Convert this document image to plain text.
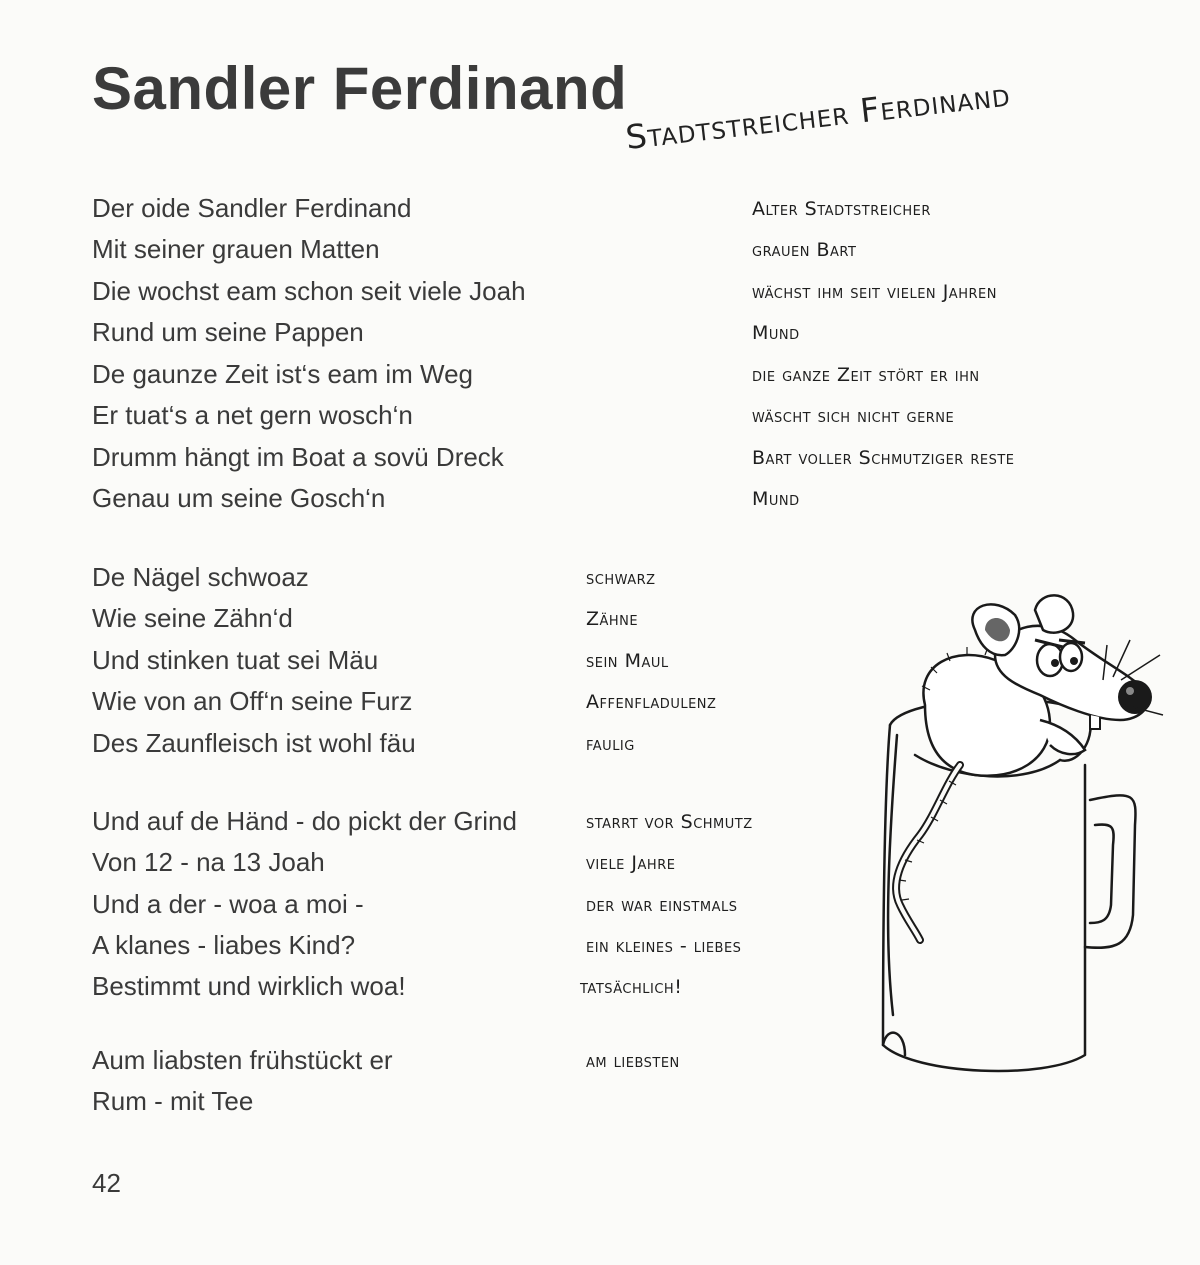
Sandler Ferdinand
Stadtstreicher Ferdinand
Der oide Sandler Ferdinand	Alter Stadtstreicher
Mit seiner grauen Matten	grauen Bart
Die wochst eam schon seit viele Joah	wächst ihm seit vielen Jahren
Rund um seine Pappen	Mund
De gaunze Zeit ist‘s eam im Weg	die ganze Zeit stört er ihn
Er tuat‘s a net gern wosch‘n	wäscht sich nicht gerne
Drumm hängt im Boat a sovü Dreck	Bart voller Schmutziger reste
Genau um seine Gosch‘n	Mund
De Nägel schwoaz	schwarz
Wie seine Zähn‘d	Zähne
Und stinken tuat sei Mäu	sein Maul
Wie von an Off‘n seine Furz	Affenfladulenz
Des Zaunfleisch ist wohl fäu	faulig
Und auf de Händ - do pickt der Grind	starrt vor Schmutz
Von 12 - na 13 Joah	viele Jahre
Und a der - woa a moi -	der war einstmals
A klanes - liabes Kind?	ein kleines - liebes
Bestimmt und wirklich woa!	tatsächlich!
Aum liabsten frühstückt er	am liebsten
Rum - mit Tee
42
